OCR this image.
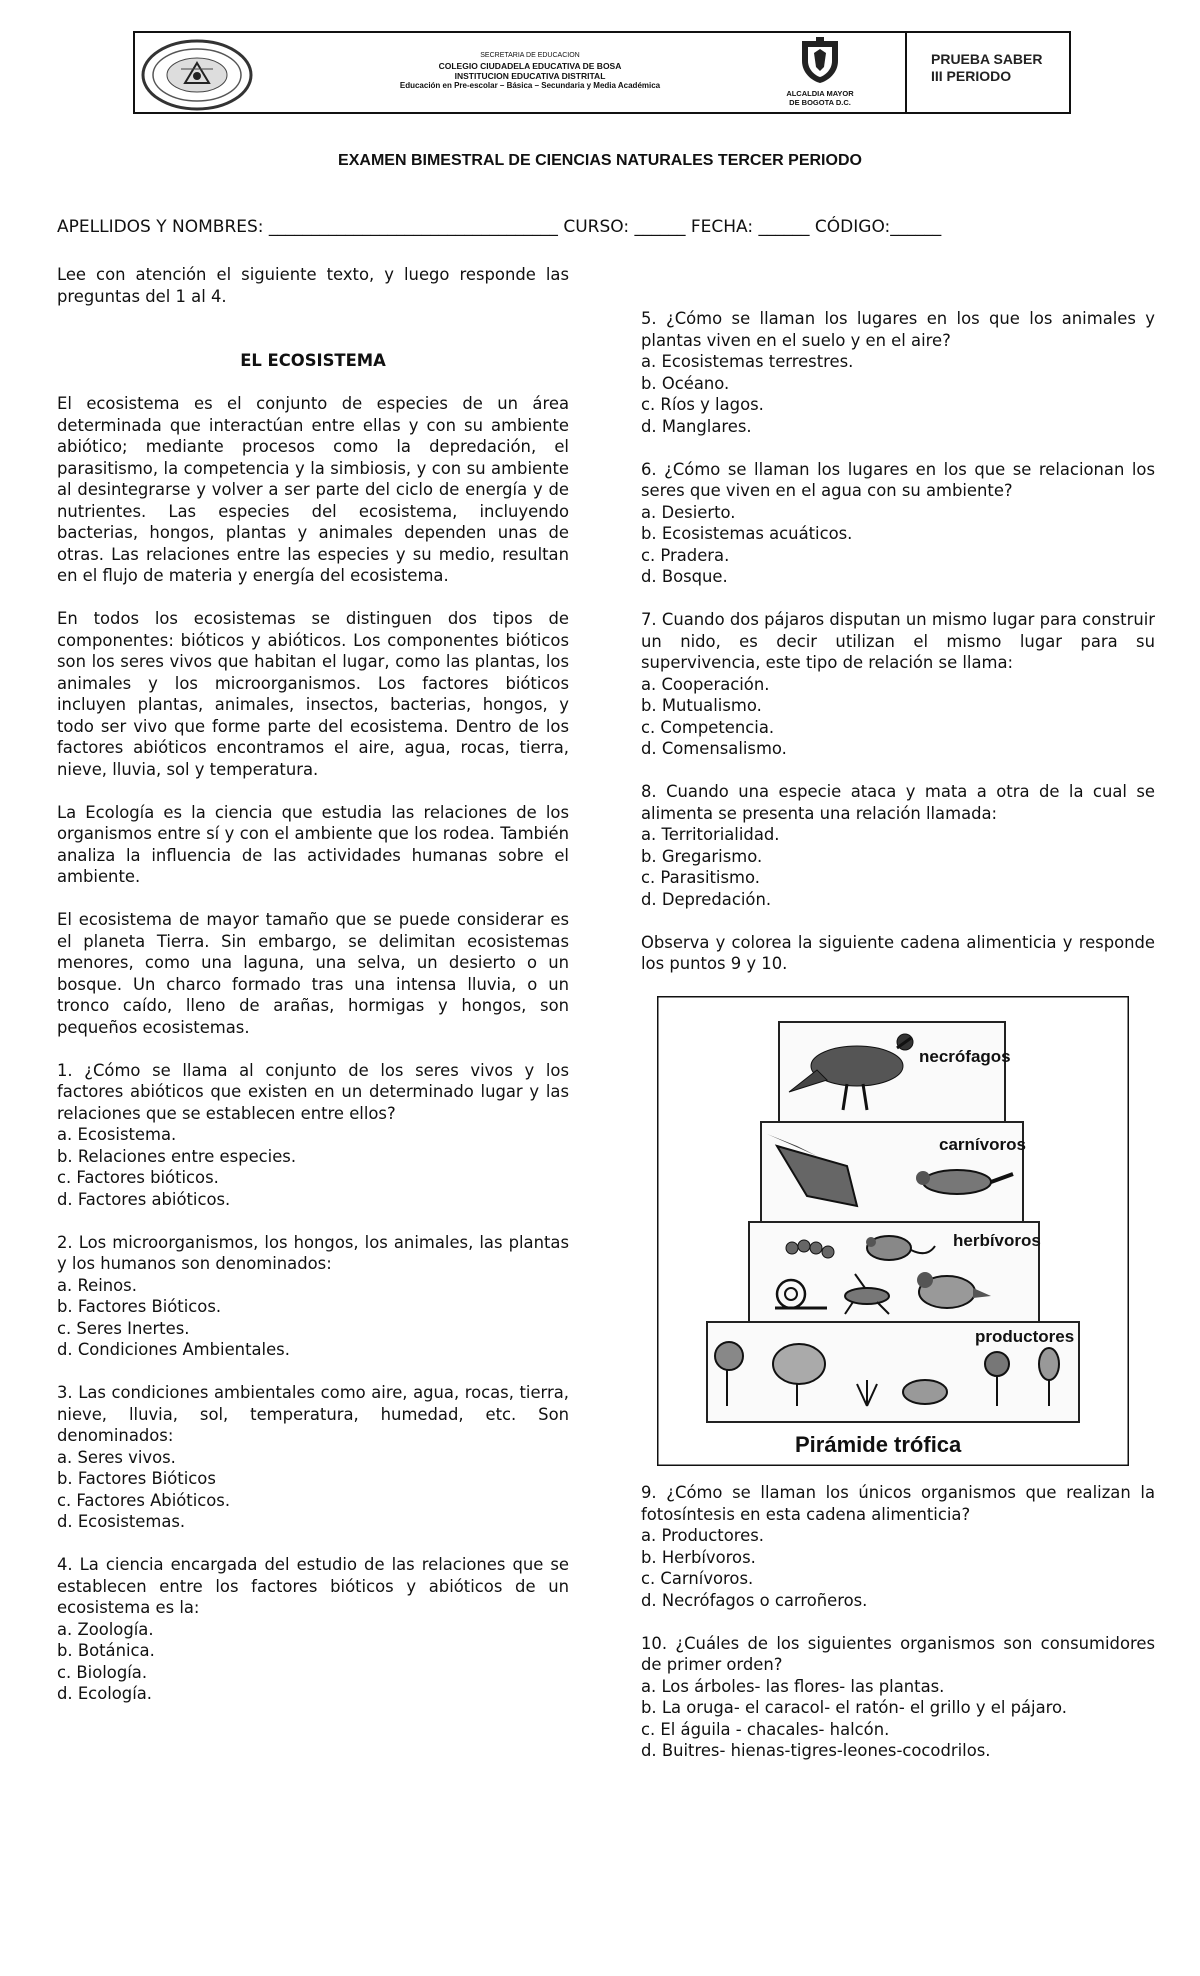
SECRETARIA DE EDUCACION
COLEGIO CIUDADELA EDUCATIVA DE BOSA
INSTITUCION EDUCATIVA DISTRITAL
Educación en Pre-escolar – Básica – Secundaria y Media Académica
ALCALDIA MAYOR
DE BOGOTA D.C.
PRUEBA SABER
III PERIODO
EXAMEN BIMESTRAL DE CIENCIAS NATURALES TERCER PERIODO
APELLIDOS Y NOMBRES: __________________________________ CURSO: ______ FECHA: ______ CÓDIGO:______
Lee con atención el siguiente texto, y luego responde las preguntas del 1 al 4.
EL ECOSISTEMA
El ecosistema es el conjunto de especies de un área determinada que interactúan entre ellas y con su ambiente abiótico; mediante procesos como la depredación, el parasitismo, la competencia y la simbiosis, y con su ambiente al desintegrarse y volver a ser parte del ciclo de energía y de nutrientes. Las especies del ecosistema, incluyendo bacterias, hongos, plantas y animales dependen unas de otras. Las relaciones entre las especies y su medio, resultan en el flujo de materia y energía del ecosistema.
En todos los ecosistemas se distinguen dos tipos de componentes: bióticos y abióticos. Los componentes bióticos son los seres vivos que habitan el lugar, como las plantas, los animales y los microorganismos. Los factores bióticos incluyen plantas, animales, insectos, bacterias, hongos, y todo ser vivo que forme parte del ecosistema. Dentro de los factores abióticos encontramos el aire, agua, rocas, tierra, nieve, lluvia, sol y temperatura.
La Ecología es la ciencia que estudia las relaciones de los organismos entre sí y con el ambiente que los rodea. También analiza la influencia de las actividades humanas sobre el ambiente.
El ecosistema de mayor tamaño que se puede considerar es el planeta Tierra. Sin embargo, se delimitan ecosistemas menores, como una laguna, una selva, un desierto o un bosque. Un charco formado tras una intensa lluvia, o un tronco caído, lleno de arañas, hormigas y hongos, son pequeños ecosistemas.
1. ¿Cómo se llama al conjunto de los seres vivos y los factores abióticos que existen en un determinado lugar y las relaciones que se establecen entre ellos?
a. Ecosistema.
b. Relaciones entre especies.
c. Factores bióticos.
d. Factores abióticos.
2. Los microorganismos, los hongos, los animales, las plantas y los humanos son denominados:
a. Reinos.
b. Factores Bióticos.
c. Seres Inertes.
d. Condiciones Ambientales.
3. Las condiciones ambientales como aire, agua, rocas, tierra, nieve, lluvia, sol, temperatura, humedad, etc. Son denominados:
a. Seres vivos.
b. Factores Bióticos
c. Factores Abióticos.
d. Ecosistemas.
4. La ciencia encargada del estudio de las relaciones que se establecen entre los factores bióticos y abióticos de un ecosistema es la:
a. Zoología.
b. Botánica.
c. Biología.
d. Ecología.
5. ¿Cómo se llaman los lugares en los que los animales y plantas viven en el suelo y en el aire?
a. Ecosistemas terrestres.
b. Océano.
c. Ríos y lagos.
d. Manglares.
6. ¿Cómo se llaman los lugares en los que se relacionan los seres que viven en el agua con su ambiente?
a. Desierto.
b. Ecosistemas acuáticos.
c. Pradera.
d. Bosque.
7. Cuando dos pájaros disputan un mismo lugar para construir un nido, es decir utilizan el mismo lugar para su supervivencia, este tipo de relación se llama:
a. Cooperación.
b. Mutualismo.
c. Competencia.
d. Comensalismo.
8. Cuando una especie ataca y mata a otra de la cual se alimenta se presenta una relación llamada:
a. Territorialidad.
b. Gregarismo.
c. Parasitismo.
d. Depredación.
Observa y colorea la siguiente cadena alimenticia y responde los puntos 9 y 10.
necrófagos
carnívoros
herbívoros
productores
Pirámide trófica
9. ¿Cómo se llaman los únicos organismos que realizan la fotosíntesis en esta cadena alimenticia?
a. Productores.
b. Herbívoros.
c. Carnívoros.
d. Necrófagos o carroñeros.
10. ¿Cuáles de los siguientes organismos son consumidores de primer orden?
a. Los árboles- las flores- las plantas.
b. La oruga- el caracol- el ratón- el grillo y el pájaro.
c. El águila - chacales- halcón.
d. Buitres- hienas-tigres-leones-cocodrilos.
